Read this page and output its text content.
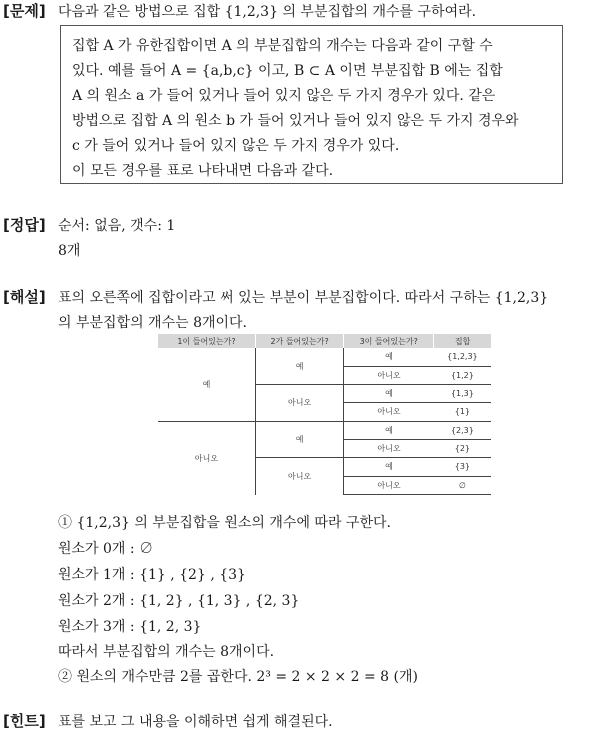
[문제] 다음과 같은 방법으로 집합 {1,2,3} 의 부분집합의 개수를 구하여라.
집합 A 가 유한집합이면 A 의 부분집합의 개수는 다음과 같이 구할 수
있다. 예를 들어 A = {a,b,c} 이고, B ⊂ A 이면 부분집합 B 에는 집합
A 의 원소 a 가 들어 있거나 들어 있지 않은 두 가지 경우가 있다. 같은
방법으로 집합 A 의 원소 b 가 들어 있거나 들어 있지 않은 두 가지 경우와
c 가 들어 있거나 들어 있지 않은 두 가지 경우가 있다.
이 모든 경우를 표로 나타내면 다음과 같다.
[정답] 순서: 없음, 갯수: 1
8개
[해설] 표의 오른쪽에 집합이라고 써 있는 부분이 부분집합이다. 따라서 구하는 {1,2,3}
의 부분집합의 개수는 8개이다.
1이 들어있는가?	2가 들어있는가?	3이 들어있는가?	집합
예	예	예	{1,2,3}
		아니오	{1,2}
	아니오	예	{1,3}
		아니오	{1}
아니오	예	예	{2,3}
		아니오	{2}
	아니오	예	{3}
		아니오	∅
① {1,2,3} 의 부분집합을 원소의 개수에 따라 구한다.
원소가 0개 : ∅
원소가 1개 : {1} , {2} , {3}
원소가 2개 : {1, 2} , {1, 3} , {2, 3}
원소가 3개 : {1, 2, 3}
따라서 부분집합의 개수는 8개이다.
② 원소의 개수만큼 2를 곱한다. 2³ = 2 × 2 × 2 = 8 (개)
[힌트] 표를 보고 그 내용을 이해하면 쉽게 해결된다.
